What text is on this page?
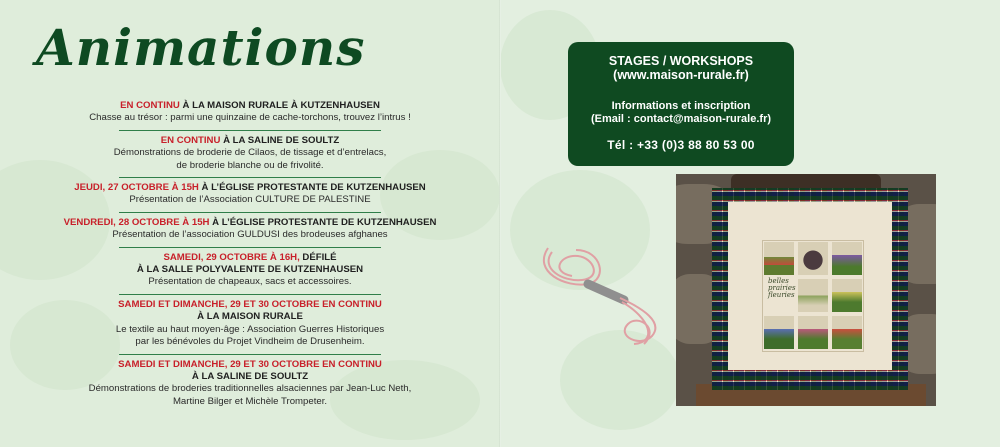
Animations
EN CONTINU À LA MAISON RURALE À KUTZENHAUSEN
Chasse au trésor : parmi une quinzaine de cache-torchons, trouvez l’intrus !
EN CONTINU À LA SALINE DE SOULTZ
Démonstrations de broderie de Cilaos, de tissage et d’entrelacs,
de broderie blanche ou de frivolité.
JEUDI, 27 OCTOBRE À 15H À L’ÉGLISE PROTESTANTE DE KUTZENHAUSEN
Présentation de l’Association CULTURE DE PALESTINE
VENDREDI, 28 OCTOBRE À 15H À L’ÉGLISE PROTESTANTE DE KUTZENHAUSEN
Présentation de l’association GULDUSI des brodeuses afghanes
SAMEDI, 29 OCTOBRE À 16H, DÉFILÉ
À LA SALLE POLYVALENTE DE KUTZENHAUSEN
Présentation de chapeaux, sacs et accessoires.
SAMEDI ET DIMANCHE, 29 ET 30 OCTOBRE EN CONTINU
À LA MAISON RURALE
Le textile au haut moyen-âge : Association Guerres Historiques
par les bénévoles du Projet Vindheim de Drusenheim.
SAMEDI ET DIMANCHE, 29 ET 30 OCTOBRE EN CONTINU
À LA SALINE DE SOULTZ
Démonstrations de broderies traditionnelles alsaciennes par Jean-Luc Neth,
Martine Bilger et Michèle Trompeter.
STAGES / WORKSHOPS
(www.maison-rurale.fr)
Informations et inscription
(Email : contact@maison-rurale.fr)
Tél : +33 (0)3 88 80 53 00
belles
prairies
fleuries
